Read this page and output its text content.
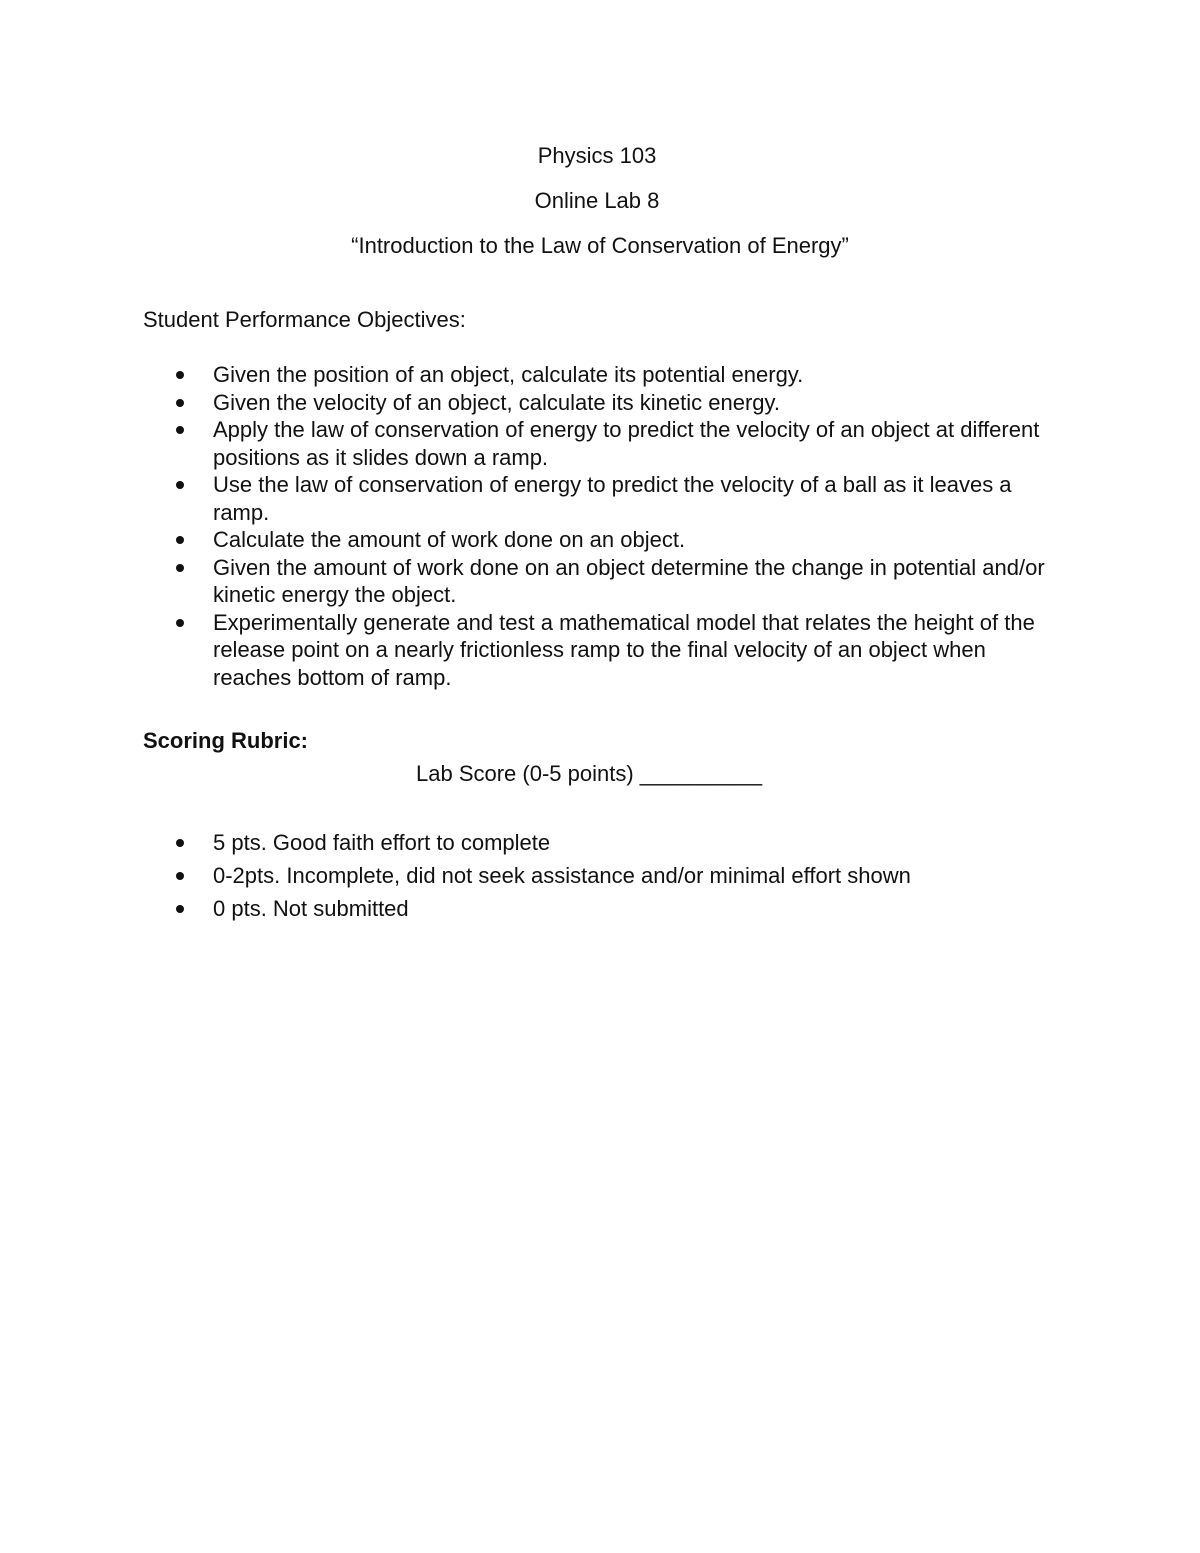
Physics 103
Online Lab 8
“Introduction to the Law of Conservation of Energy”
Student Performance Objectives:
Given the position of an object, calculate its potential energy.
Given the velocity of an object, calculate its kinetic energy.
Apply the law of conservation of energy to predict the velocity of an object at different positions as it slides down a ramp.
Use the law of conservation of energy to predict the velocity of a ball as it leaves a ramp.
Calculate the amount of work done on an object.
Given the amount of work done on an object determine the change in potential and/or kinetic energy the object.
Experimentally generate and test a mathematical model that relates the height of the release point on a nearly frictionless ramp to the final velocity of an object when reaches bottom of ramp.
Scoring Rubric:
Lab Score (0-5 points) __________
5 pts. Good faith effort to complete
0-2pts. Incomplete, did not seek assistance and/or minimal effort shown
0 pts. Not submitted
